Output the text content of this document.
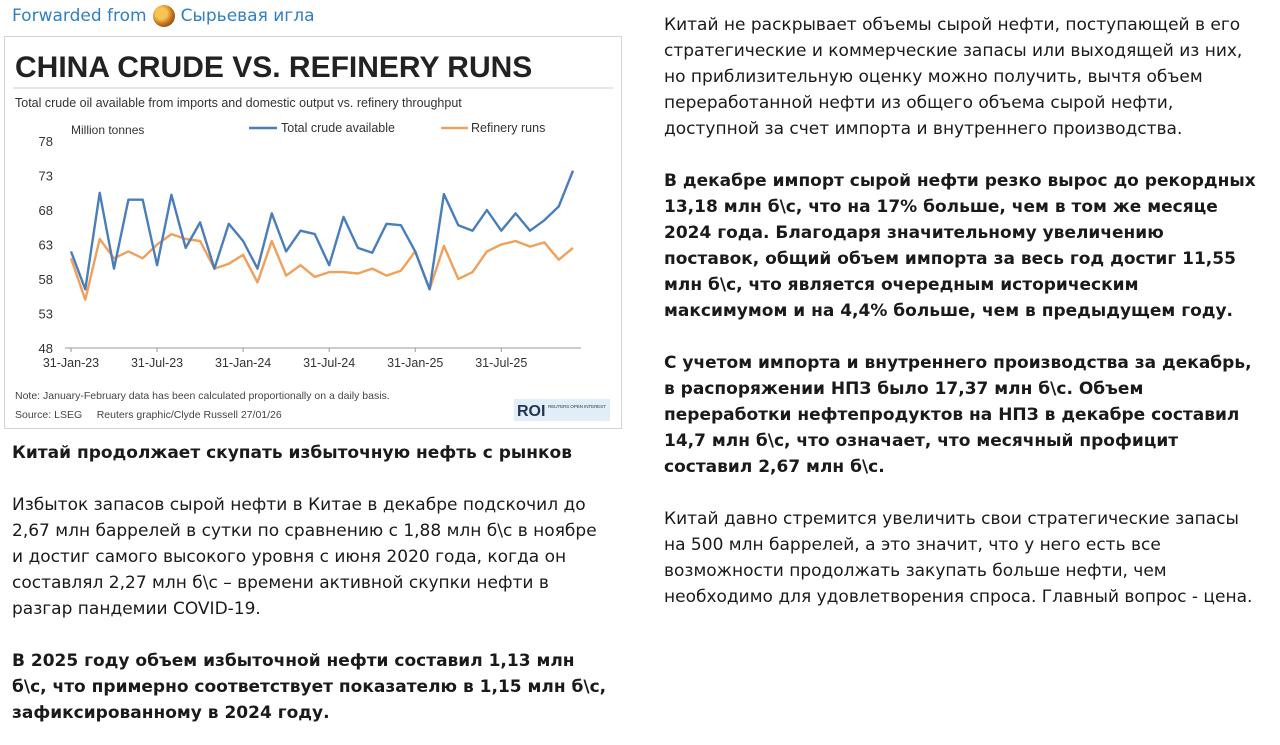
Forwarded from Сырьевая игла
CHINA CRUDE VS. REFINERY RUNS
Total crude oil available from imports and domestic output vs. refinery throughput
Million tonnes	Total crude available	Refinery runs
48
53
58
63
68
73
78
31-Jan-23	31-Jul-23	31-Jan-24	31-Jul-24	31-Jan-25	31-Jul-25
Note: January-February data has been calculated proportionally on a daily basis.
Source: LSEG     Reuters graphic/Clyde Russell 27/01/26	ROI REUTERS OPEN INTEREST

Китай продолжает скупать избыточную нефть с рынков

Избыток запасов сырой нефти в Китае в декабре подскочил до 2,67 млн баррелей в сутки по сравнению с 1,88 млн б\с в ноябре и достиг самого высокого уровня с июня 2020 года, когда он составлял 2,27 млн б\с – времени активной скупки нефти в разгар пандемии COVID-19.

В 2025 году объем избыточной нефти составил 1,13 млн б\с, что примерно соответствует показателю в 1,15 млн б\с, зафиксированному в 2024 году.

Китай не раскрывает объемы сырой нефти, поступающей в его стратегические и коммерческие запасы или выходящей из них, но приблизительную оценку можно получить, вычтя объем переработанной нефти из общего объема сырой нефти, доступной за счет импорта и внутреннего производства.

В декабре импорт сырой нефти резко вырос до рекордных 13,18 млн б\с, что на 17% больше, чем в том же месяце 2024 года. Благодаря значительному увеличению поставок, общий объем импорта за весь год достиг 11,55 млн б\с, что является очередным историческим максимумом и на 4,4% больше, чем в предыдущем году.

С учетом импорта и внутреннего производства за декабрь, в распоряжении НПЗ было 17,37 млн б\с. Объем переработки нефтепродуктов на НПЗ в декабре составил 14,7 млн б\с, что означает, что месячный профицит составил 2,67 млн б\с.

Китай давно стремится увеличить свои стратегические запасы на 500 млн баррелей, а это значит, что у него есть все возможности продолжать закупать больше нефти, чем необходимо для удовлетворения спроса. Главный вопрос - цена.
